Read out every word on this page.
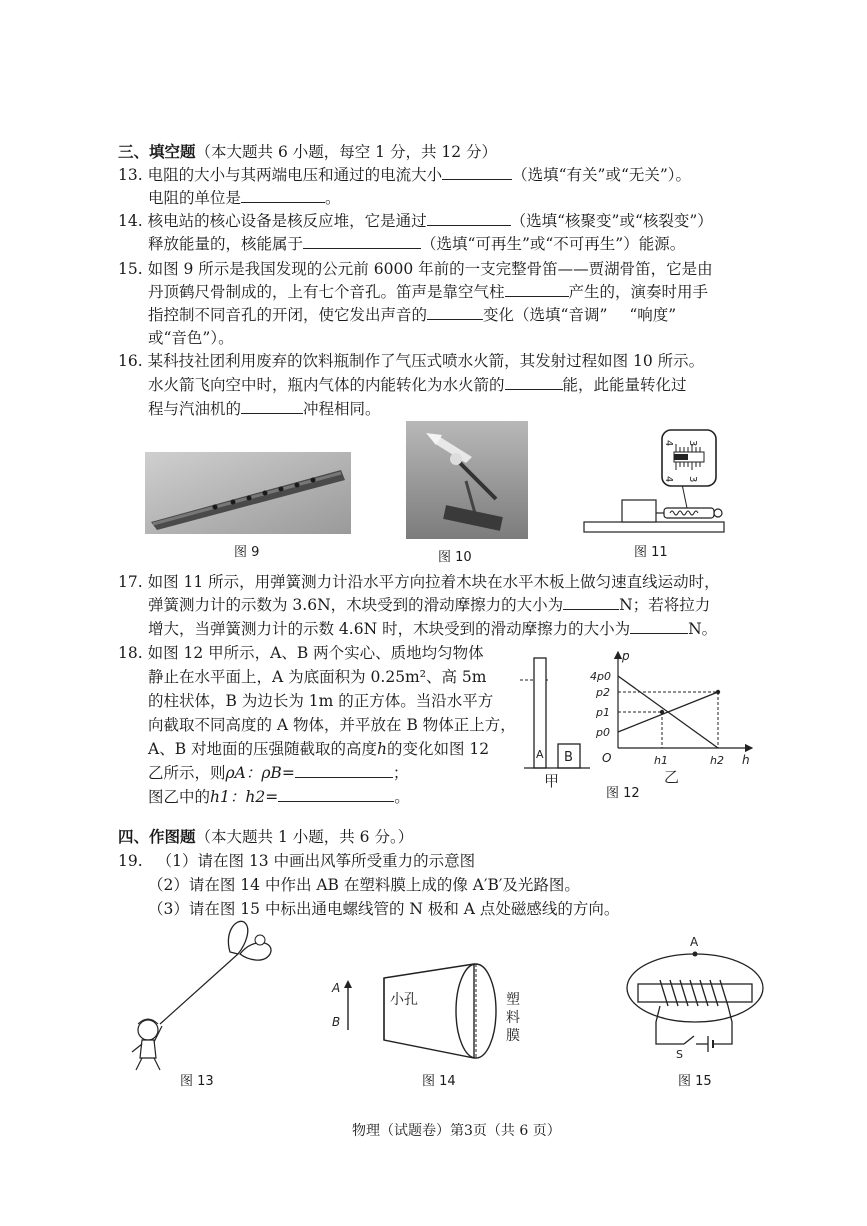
三、填空题（本大题共 6 小题，每空 1 分，共 12 分）
13. 电阻的大小与其两端电压和通过的电流大小	（选填“有关”或“无关”）。
电阻的单位是	。
14. 核电站的核心设备是核反应堆，它是通过	（选填“核聚变”或“核裂变”）
释放能量的，核能属于	（选填“可再生”或“不可再生”）能源。
15. 如图 9 所示是我国发现的公元前 6000 年前的一支完整骨笛——贾湖骨笛，它是由
丹顶鹤尺骨制成的，上有七个音孔。笛声是靠空气柱	产生的，演奏时用手
指控制不同音孔的开闭，使它发出声音的	变化（选填“音调” “响度”
或“音色”）。
16. 某科技社团利用废弃的饮料瓶制作了气压式喷水火箭，其发射过程如图 10 所示。
水火箭飞向空中时，瓶内气体的内能转化为水火箭的	能，此能量转化过
程与汽油机的	冲程相同。
图 9	图 10
4 3
4 3
图 11
17. 如图 11 所示，用弹簧测力计沿水平方向拉着木块在水平木板上做匀速直线运动时，
弹簧测力计的示数为 3.6N，木块受到的滑动摩擦力的大小为	N；若将拉力
增大，当弹簧测力计的示数 4.6N 时，木块受到的滑动摩擦力的大小为	N。
18. 如图 12 甲所示，A、B 两个实心、质地均匀物体
静止在水平面上，A 为底面积为 0.25m²、高 5m
的柱状体，B 为边长为 1m 的正方体。当沿水平方
向截取不同高度的 A 物体，并平放在 B 物体正上方，
A、B 对地面的压强随截取的高度h的变化如图 12
乙所示，则ρA：ρB=	；
图乙中的h1：h2=	。
A B
甲
p
h
O
4p0
p2
p1
p0
h1	h2
乙
图 12
四、作图题（本大题共 1 小题，共 6 分。）
19. （1）请在图 13 中画出风筝所受重力的示意图
（2）请在图 14 中作出 AB 在塑料膜上成的像 A′B′及光路图。
（3）请在图 15 中标出通电螺线管的 N 极和 A 点处磁感线的方向。
图 13
A
B
小孔	塑
料
膜
图 14
A
S
图 15
物理（试题卷）第3页（共 6 页）
